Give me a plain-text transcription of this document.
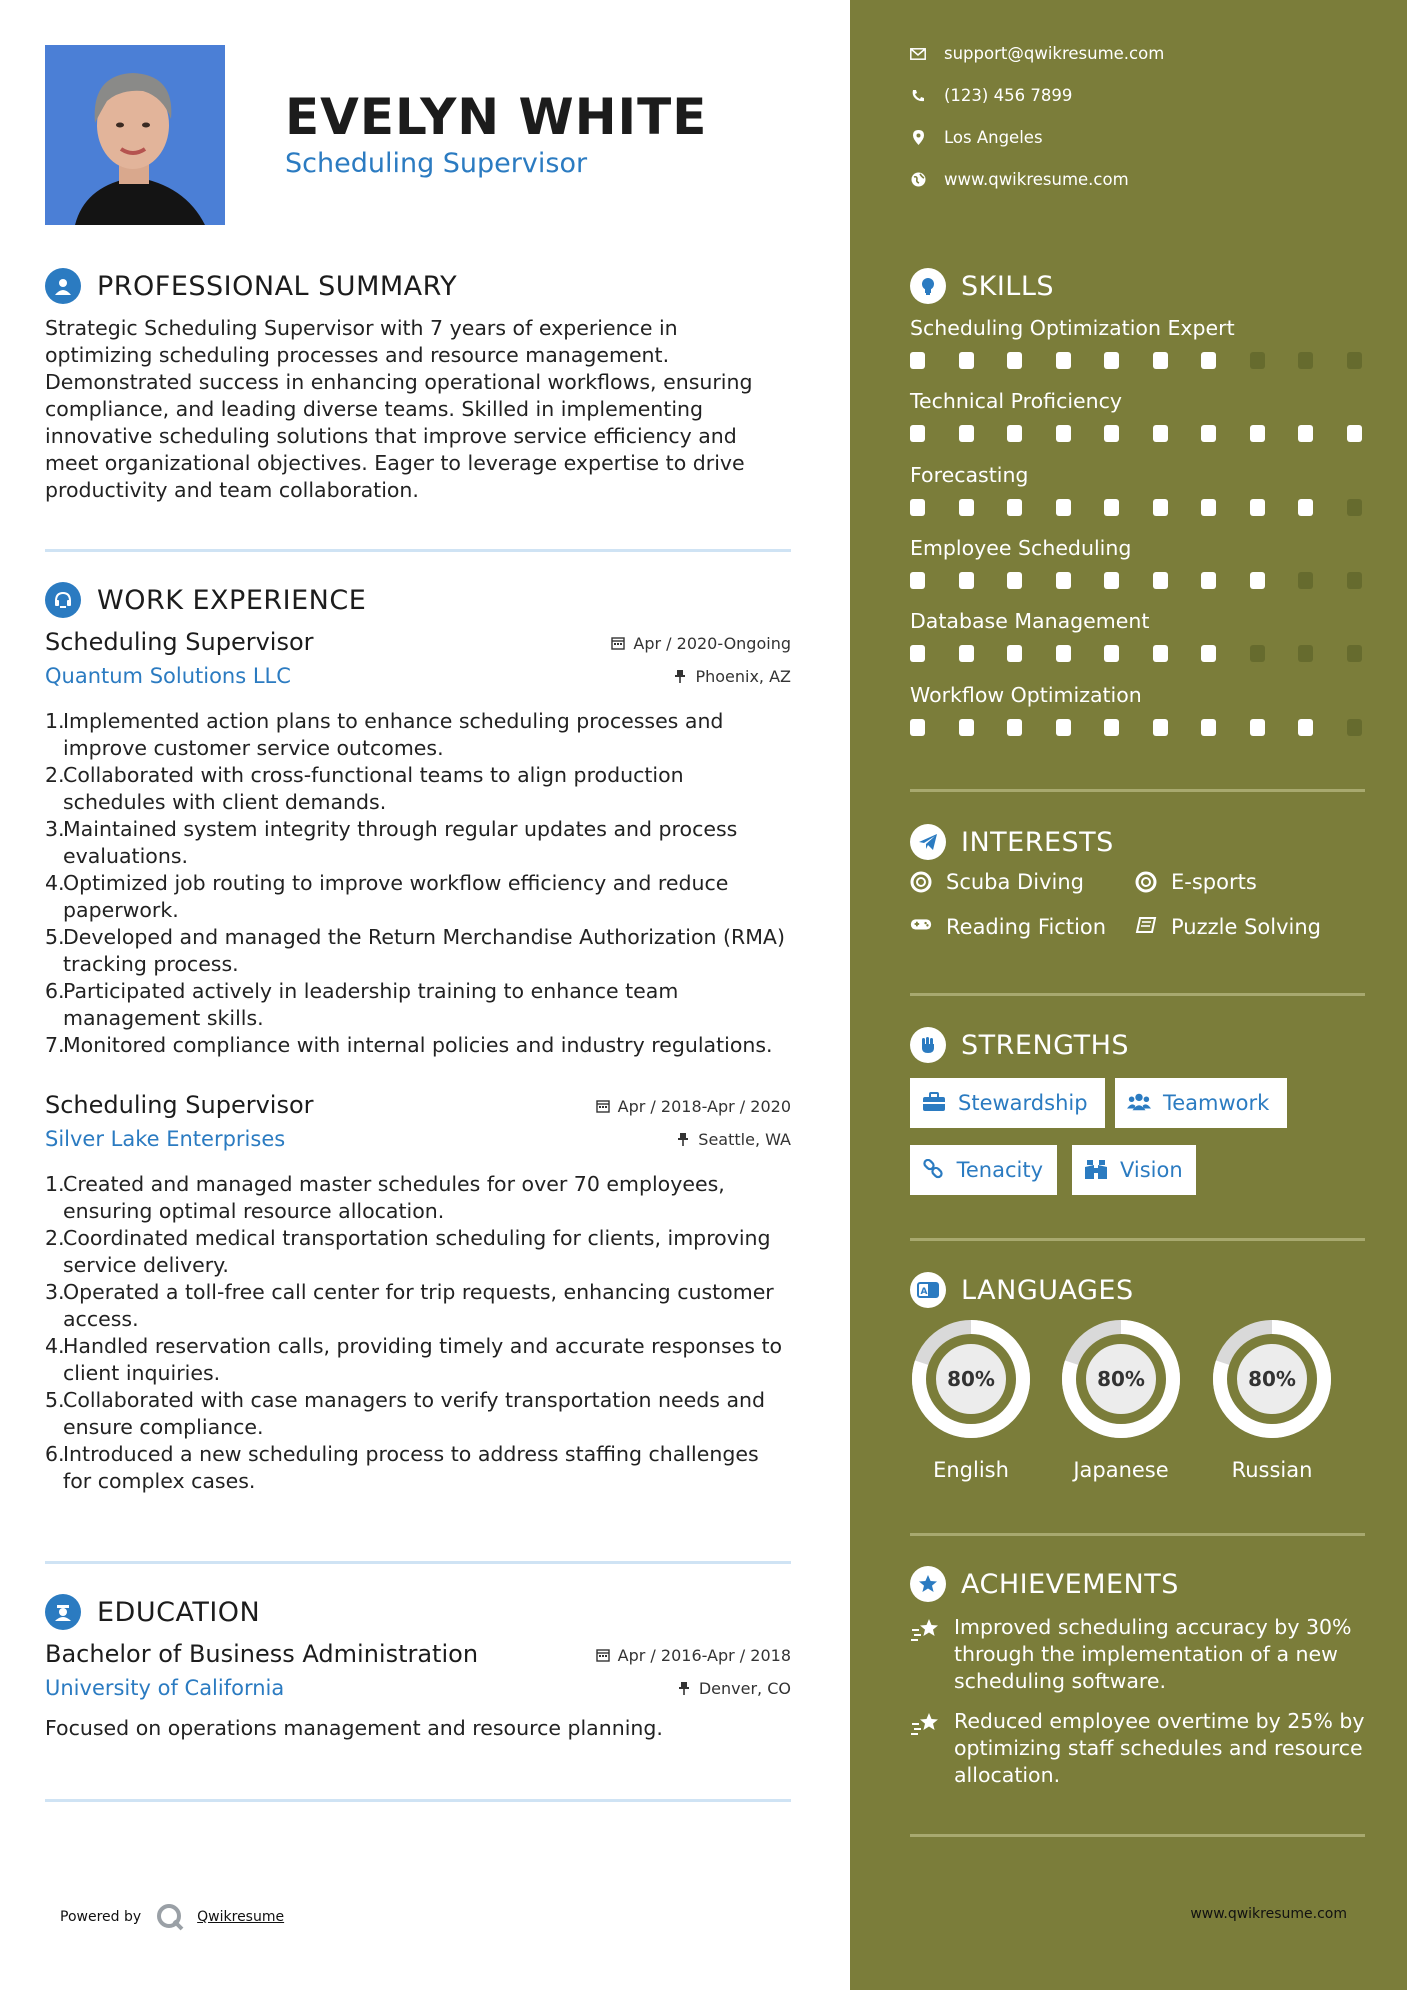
EVELYN WHITE
Scheduling Supervisor
PROFESSIONAL SUMMARY
Strategic Scheduling Supervisor with 7 years of experience in optimizing scheduling processes and resource management. Demonstrated success in enhancing operational workflows, ensuring compliance, and leading diverse teams. Skilled in implementing innovative scheduling solutions that improve service efficiency and meet organizational objectives. Eager to leverage expertise to drive productivity and team collaboration.
WORK EXPERIENCE
Scheduling Supervisor	Apr / 2020-Ongoing
Quantum Solutions LLC	Phoenix, AZ
1.
Implemented action plans to enhance scheduling processes and improve customer service outcomes.
2.
Collaborated with cross-functional teams to align production schedules with client demands.
3.
Maintained system integrity through regular updates and process evaluations.
4.
Optimized job routing to improve workflow efficiency and reduce paperwork.
5.
Developed and managed the Return Merchandise Authorization (RMA) tracking process.
6.
Participated actively in leadership training to enhance team management skills.
7.
Monitored compliance with internal policies and industry regulations.
Scheduling Supervisor	Apr / 2018-Apr / 2020
Silver Lake Enterprises	Seattle, WA
1.
Created and managed master schedules for over 70 employees, ensuring optimal resource allocation.
2.
Coordinated medical transportation scheduling for clients, improving service delivery.
3.
Operated a toll-free call center for trip requests, enhancing customer access.
4.
Handled reservation calls, providing timely and accurate responses to client inquiries.
5.
Collaborated with case managers to verify transportation needs and ensure compliance.
6.
Introduced a new scheduling process to address staffing challenges for complex cases.
EDUCATION
Bachelor of Business Administration	Apr / 2016-Apr / 2018
University of California	Denver, CO
Focused on operations management and resource planning.
Powered by	Qwikresume
support@qwikresume.com
(123) 456 7899
Los Angeles
www.qwikresume.com
SKILLS
Scheduling Optimization Expert
Technical Proficiency
Forecasting
Employee Scheduling
Database Management
Workflow Optimization
INTERESTS
Scuba Diving	E-sports
Reading Fiction	Puzzle Solving
STRENGTHS
Stewardship	Teamwork
Tenacity	Vision
A LANGUAGES
80%
English
80%
Japanese
80%
Russian
ACHIEVEMENTS
Improved scheduling accuracy by 30% through the implementation of a new scheduling software.
Reduced employee overtime by 25% by optimizing staff schedules and resource allocation.
www.qwikresume.com
